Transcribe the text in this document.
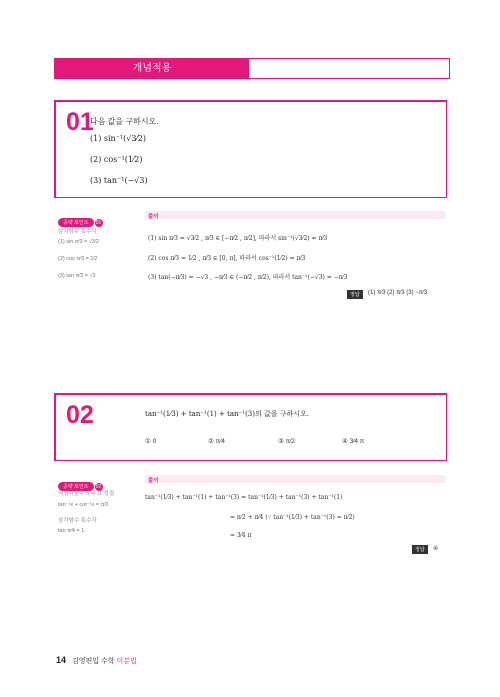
개념적용
01
다음 값을 구하시오.
(1) sin⁻¹(√3⁄2)
(2) cos⁻¹(1⁄2)
(3) tan⁻¹(−√3)
공략 포인트 01
삼각함수 특수각
(1) sin π⁄3 = √3⁄2
(2) cos π⁄3 = 1⁄2
(3) tan π⁄3 = √3
풀이
(1) sin π⁄3 = √3⁄2 , π⁄3 ∈ [−π⁄2 , π⁄2], 따라서 sin⁻¹(√3⁄2) = π⁄3
(2) cos π⁄3 = 1⁄2 , π⁄3 ∈ [0, π], 따라서 cos⁻¹(1⁄2) = π⁄3
(3) tan(−π⁄3) = −√3 , −π⁄3 ∈ (−π⁄2 , π⁄2), 따라서 tan⁻¹(−√3) = −π⁄3
정답	(1) π⁄3 (2) π⁄3 (3) −π⁄3
02	tan⁻¹(1⁄3) + tan⁻¹(1) + tan⁻¹(3)의 값을 구하시오.
① 0	② π⁄4	③ π⁄2	④ 3⁄4 π
공략 포인트 02
역삼각함수의 주요 성질
tan⁻¹x + cot⁻¹x = π⁄2
삼각함수 특수각
tan π⁄4 = 1
풀이
tan⁻¹(1⁄3) + tan⁻¹(1) + tan⁻¹(3) = tan⁻¹(1⁄3) + tan⁻¹(3) + tan⁻¹(1)
= π⁄2 + π⁄4 (∵ tan⁻¹(1⁄3) + tan⁻¹(3) = π⁄2)
= 3⁄4 π
정답	④
14 김영편입 수학 미분법
